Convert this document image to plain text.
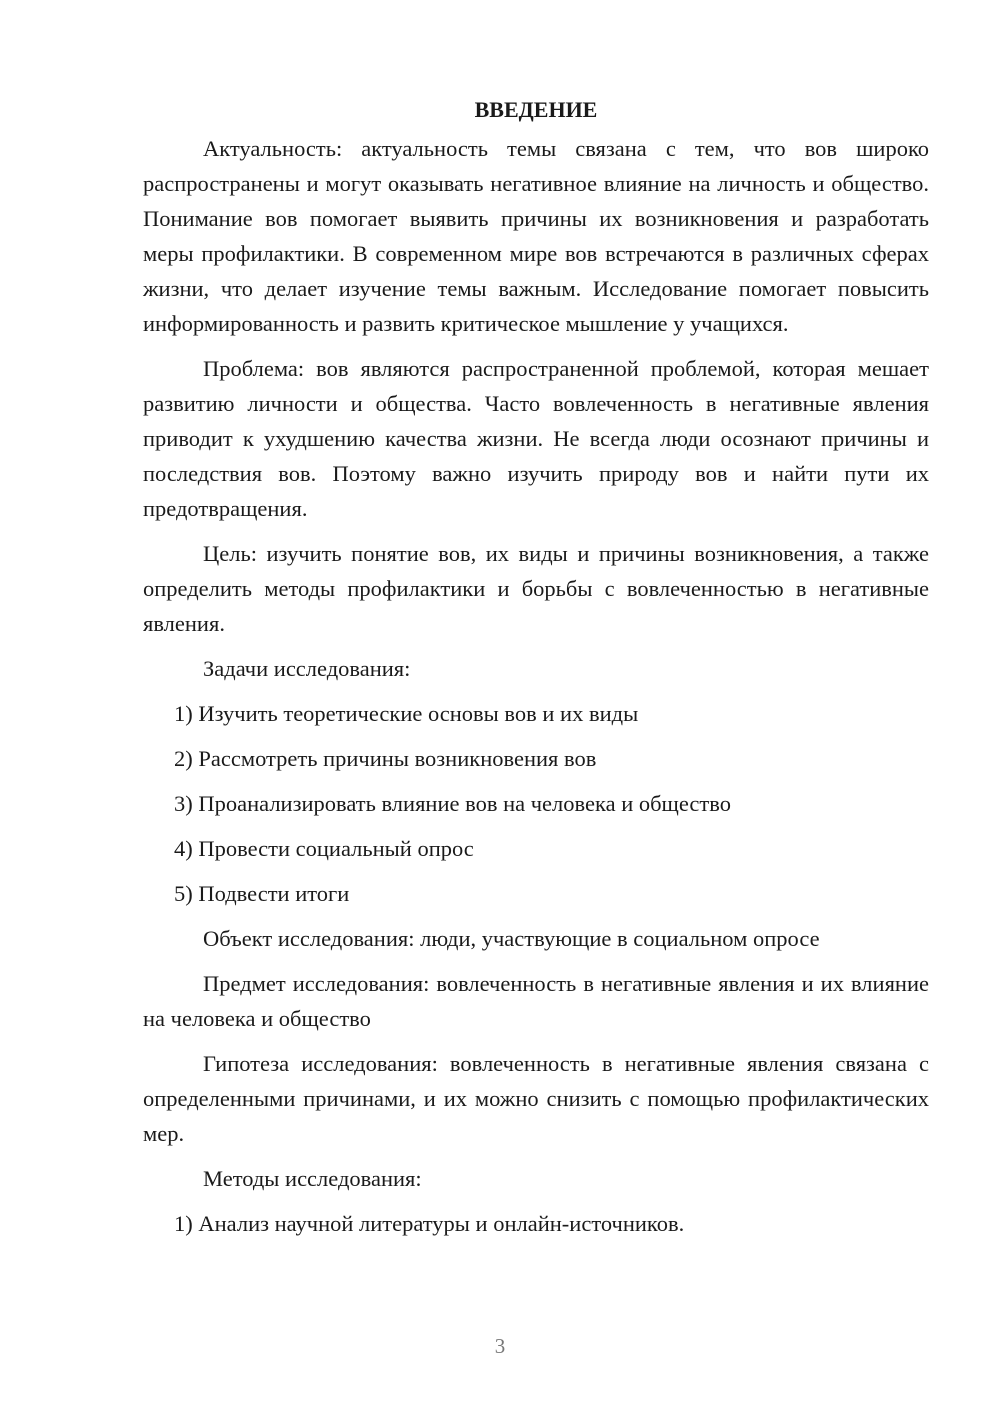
ВВЕДЕНИЕ

Актуальность: актуальность темы связана с тем, что вов широко распространены и могут оказывать негативное влияние на личность и общество. Понимание вов помогает выявить причины их возникновения и разработать меры профилактики. В современном мире вов встречаются в различных сферах жизни, что делает изучение темы важным. Исследование помогает повысить информированность и развить критическое мышление у учащихся.

Проблема: вов являются распространенной проблемой, которая мешает развитию личности и общества. Часто вовлеченность в негативные явления приводит к ухудшению качества жизни. Не всегда люди осознают причины и последствия вов. Поэтому важно изучить природу вов и найти пути их предотвращения.

Цель: изучить понятие вов, их виды и причины возникновения, а также определить методы профилактики и борьбы с вовлеченностью в негативные явления.

Задачи исследования:

1) Изучить теоретические основы вов и их виды

2) Рассмотреть причины возникновения вов

3) Проанализировать влияние вов на человека и общество

4) Провести социальный опрос

5) Подвести итоги

Объект исследования: люди, участвующие в социальном опросе

Предмет исследования: вовлеченность в негативные явления и их влияние на человека и общество

Гипотеза исследования: вовлеченность в негативные явления связана с определенными причинами, и их можно снизить с помощью профилактических мер.

Методы исследования:

1) Анализ научной литературы и онлайн-источников.

3
